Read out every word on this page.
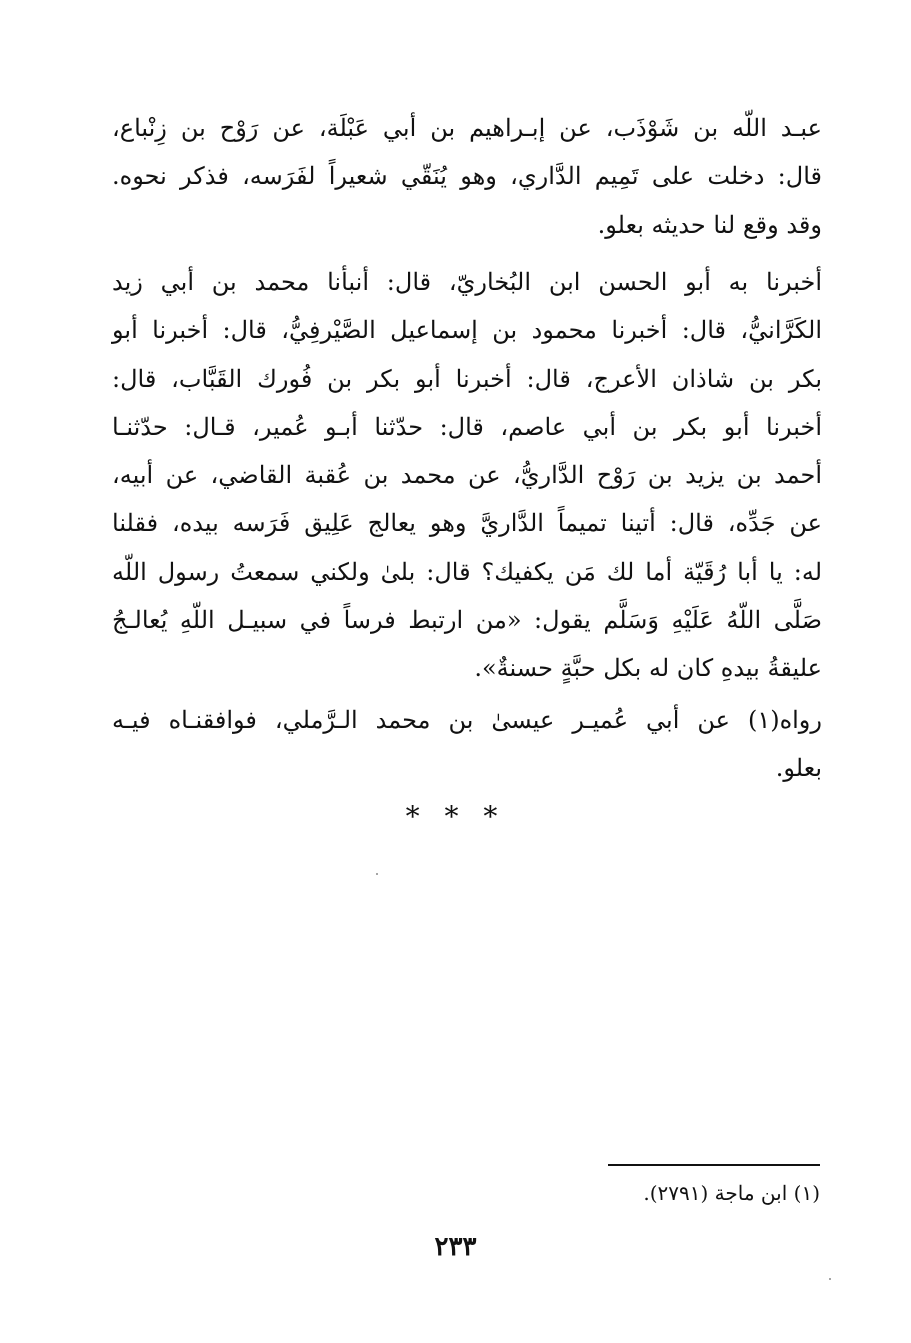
عبـد اللّه بن شَوْذَب، عن إبـراهيم بن أبي عَبْلَة، عن رَوْح بن زِنْباع،
قال: دخلت على تَمِيم الدَّاري، وهو يُنَقّي شعيراً لفَرَسه، فذكر نحوه.
وقد وقع لنا حديثه بعلو.
أخبرنا به أبو الحسن ابن البُخاريّ، قال: أنبأنا محمد بن أبي زيد
الكَرَّانيُّ، قال: أخبرنا محمود بن إسماعيل الصَّيْرفِيُّ، قال: أخبرنا أبو
بكر بن شاذان الأعرج، قال: أخبرنا أبو بكر بن فُورك القَبَّاب، قال:
أخبرنا أبو بكر بن أبي عاصم، قال: حدّثنا أبـو عُمير، قـال: حدّثنـا
أحمد بن يزيد بن رَوْح الدَّاريُّ، عن محمد بن عُقبة القاضي، عن أبيه،
عن جَدِّه، قال: أتينا تميماً الدَّاريَّ وهو يعالج عَلِيق فَرَسه بيده، فقلنا
له: يا أبا رُقَيّة أما لك مَن يكفيك؟ قال: بلىٰ ولكني سمعتُ رسول اللّه
صَلَّى اللّهُ عَلَيْهِ وَسَلَّم يقول: «من ارتبط فرساً في سبيـل اللّهِ يُعالـجُ
عليقةُ بيدهِ كان له بكل حبَّةٍ حسنةٌ».
رواه(١) عن أبي عُميـر عيسىٰ بن محمد الـرَّملي، فوافقنـاه فيـه
بعلو.
* * *
(١) ابن ماجة (٢٧٩١).
٢٣٣
